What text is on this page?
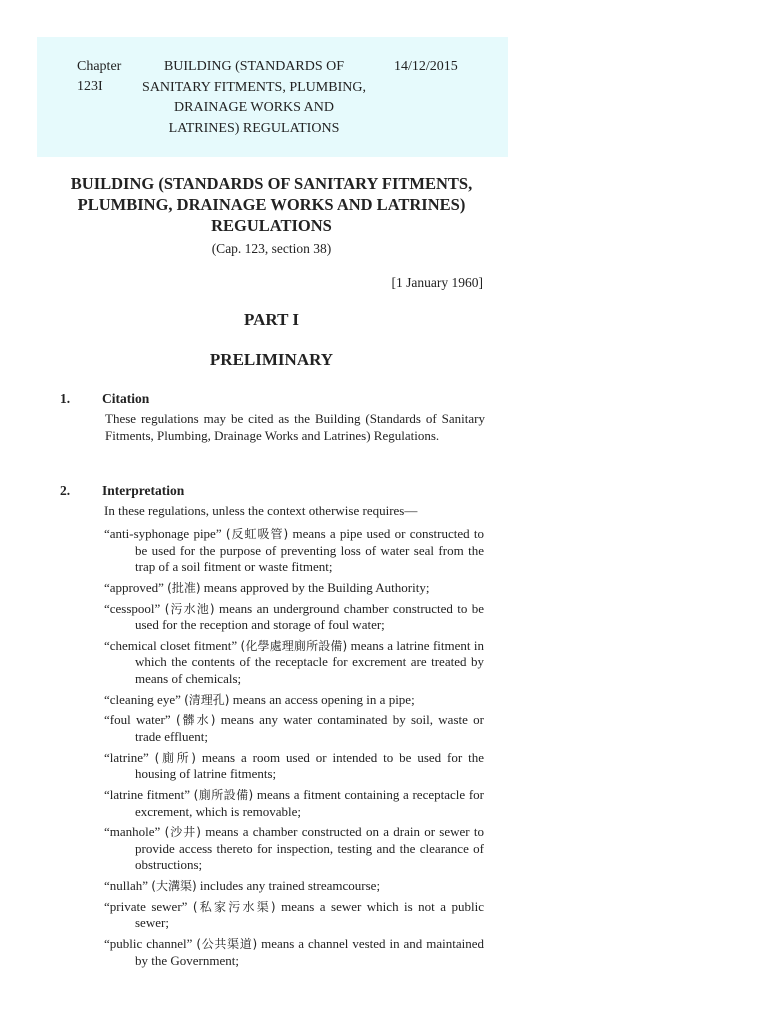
Chapter 123I
BUILDING (STANDARDS OF SANITARY FITMENTS, PLUMBING, DRAINAGE WORKS AND LATRINES) REGULATIONS
14/12/2015
BUILDING (STANDARDS OF SANITARY FITMENTS, PLUMBING, DRAINAGE WORKS AND LATRINES) REGULATIONS
(Cap. 123, section 38)
[1 January 1960]
PART I
PRELIMINARY
1. Citation
These regulations may be cited as the Building (Standards of Sanitary Fitments, Plumbing, Drainage Works and Latrines) Regulations.
2. Interpretation
In these regulations, unless the context otherwise requires—
“anti-syphonage pipe” (反虹吸管) means a pipe used or constructed to be used for the purpose of preventing loss of water seal from the trap of a soil fitment or waste fitment;
“approved” (批准) means approved by the Building Authority;
“cesspool” (污水池) means an underground chamber constructed to be used for the reception and storage of foul water;
“chemical closet fitment” (化學處理廁所設備) means a latrine fitment in which the contents of the receptacle for excrement are treated by means of chemicals;
“cleaning eye” (清理孔) means an access opening in a pipe;
“foul water” (髒水) means any water contaminated by soil, waste or trade effluent;
“latrine” (廁所) means a room used or intended to be used for the housing of latrine fitments;
“latrine fitment” (廁所設備) means a fitment containing a receptacle for excrement, which is removable;
“manhole” (沙井) means a chamber constructed on a drain or sewer to provide access thereto for inspection, testing and the clearance of obstructions;
“nullah” (大溝渠) includes any trained streamcourse;
“private sewer” (私家污水渠) means a sewer which is not a public sewer;
“public channel” (公共渠道) means a channel vested in and maintained by the Government;
